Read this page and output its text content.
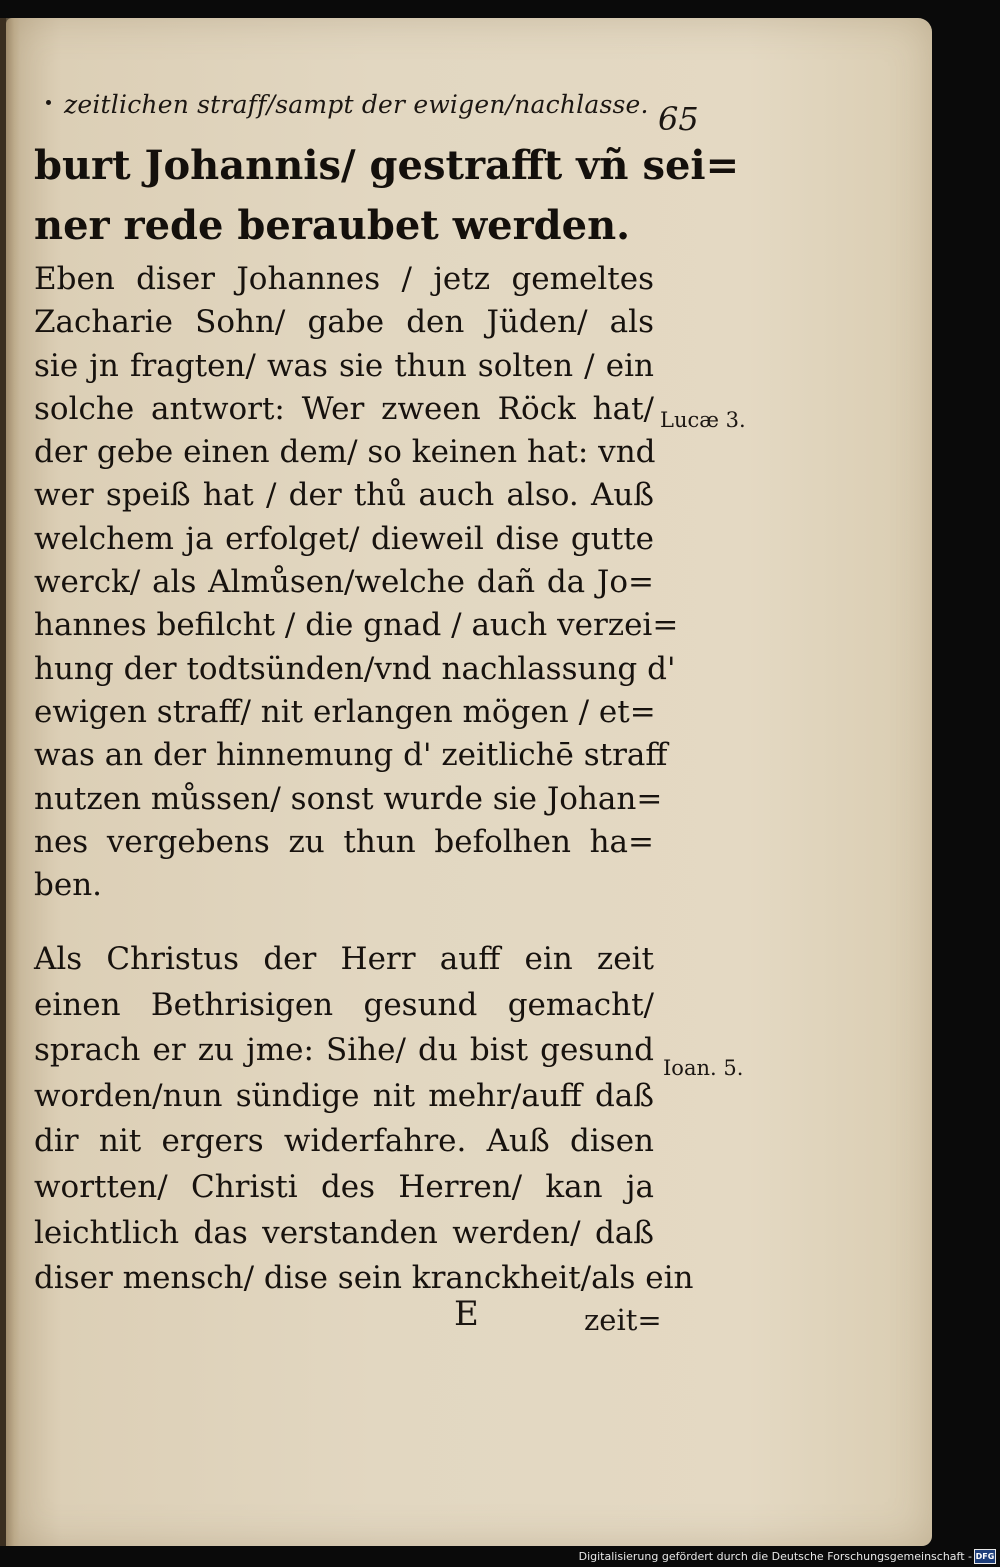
zeitlichen straff/sampt der ewigen/nachlasse. 65
burt Johannis/ gestrafft vñ sei=
ner rede beraubet werden.
Eben diser Johannes / jetz gemeltes
Zacharie Sohn/ gabe den Jüden/ als
sie jn fragten/ was sie thun solten / ein
solche antwort: Wer zween Röck hat/
der gebe einen dem/ so keinen hat: vnd
wer speiß hat / der thů auch also. Auß
welchem ja erfolget/ dieweil dise gutte
werck/ als Almůsen/welche dañ da Jo=
hannes befilcht / die gnad / auch verzei=
hung der todtsünden/vnd nachlassung d'
ewigen straff/ nit erlangen mögen / et=
was an der hinnemung d' zeitlichē straff
nutzen můssen/ sonst wurde sie Johan=
nes vergebens zu thun befolhen ha=
ben.
Lucæ 3.
Als Christus der Herr auff ein zeit
einen Bethrisigen gesund gemacht/
sprach er zu jme: Sihe/ du bist gesund
worden/nun sündige nit mehr/auff daß
dir nit ergers widerfahre. Auß disen
wortten/ Christi des Herren/ kan ja
leichtlich das verstanden werden/ daß
diser mensch/ dise sein kranckheit/als ein
Ioan. 5.
E	zeit=
Digitalisierung gefördert durch die Deutsche Forschungsgemeinschaft - DFG
